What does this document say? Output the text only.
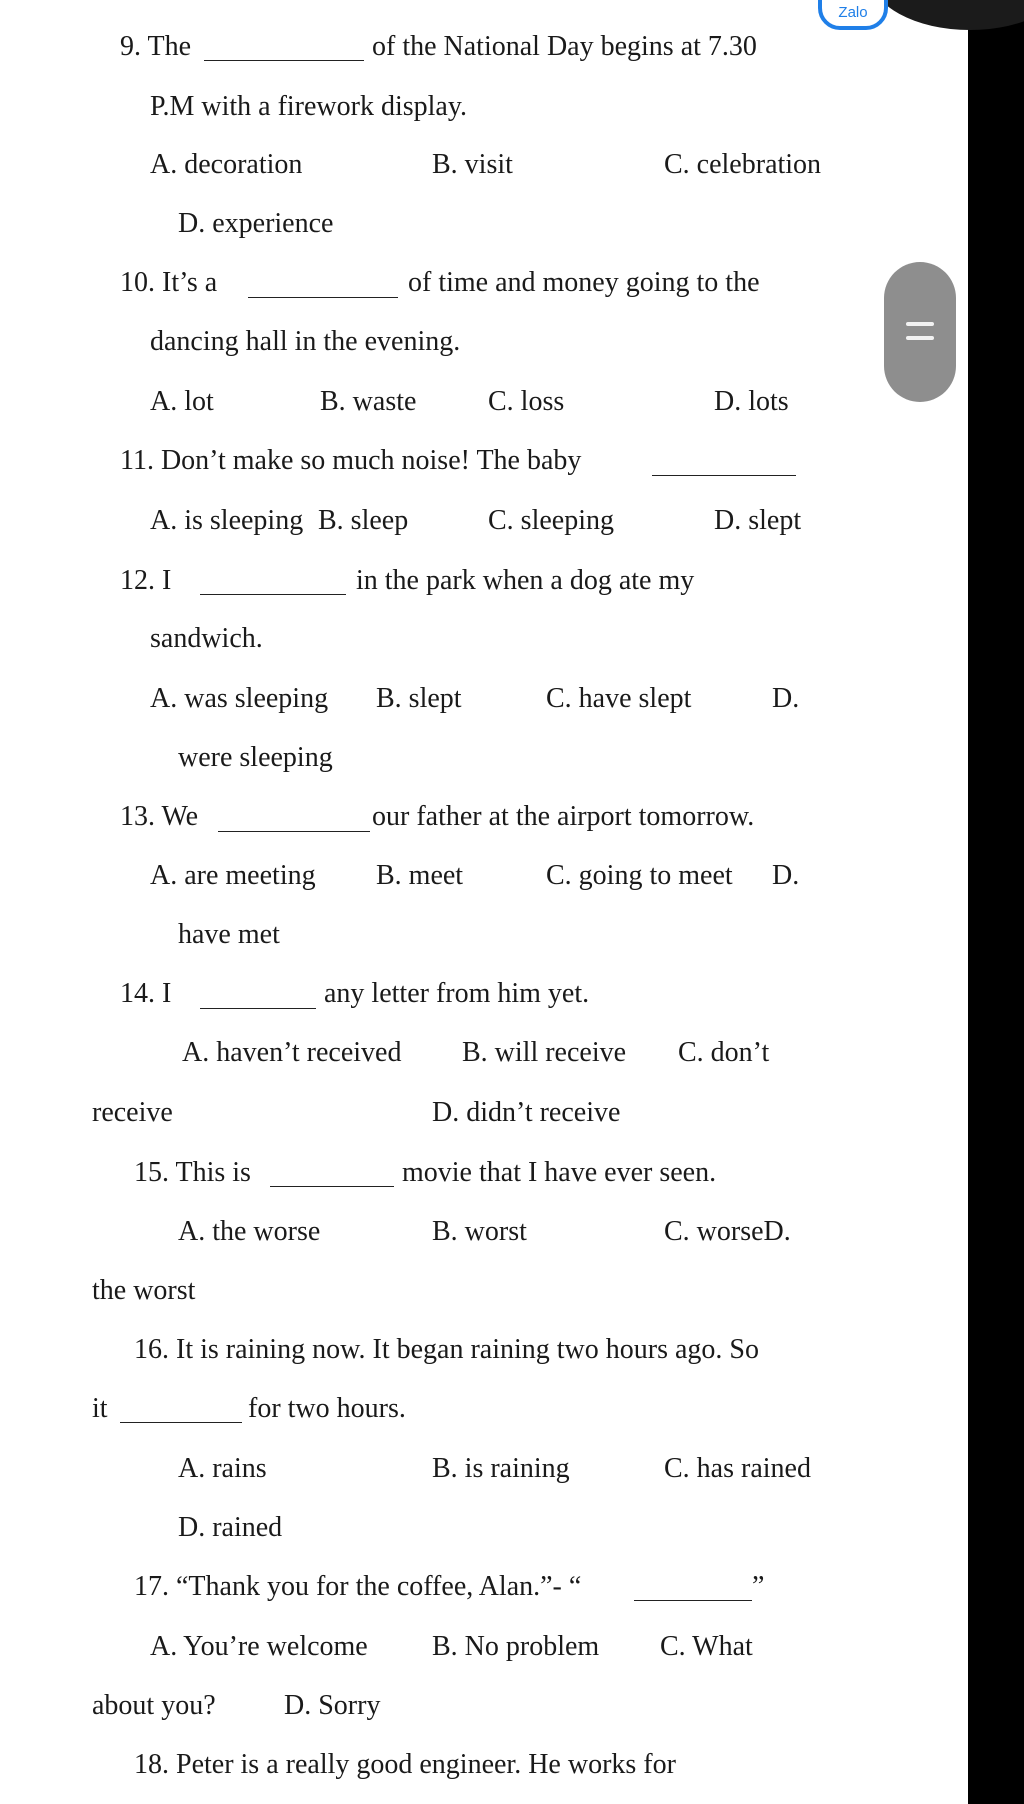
9. The	of the National Day begins at 7.30
P.M with a firework display.
A. decoration	B. visit	C. celebration
D. experience
10. It’s a	of time and money going to the
dancing hall in the evening.
A. lot	B. waste	C. loss	D. lots
11. Don’t make so much noise! The baby
A. is sleeping B. sleep	C. sleeping	D. slept
12. I	in the park when a dog ate my
sandwich.
A. was sleeping B. slept	C. have slept	D.
were sleeping
13. We	our father at the airport tomorrow.
A. are meeting B. meet	C. going to meet D.
have met
14. I	any letter from him yet.
A. haven’t received B. will receive C. don’t
receive	D. didn’t receive
15. This is	movie that I have ever seen.
A. the worse	B. worst	C. worseD.
the worst
16. It is raining now. It began raining two hours ago. So
it	for two hours.
A. rains	B. is raining	C. has rained
D. rained
17. “Thank you for the coffee, Alan.”- “	”
A. You’re welcome B. No problem C. What
about you? D. Sorry
18. Peter is a really good engineer. He works for
Zalo
